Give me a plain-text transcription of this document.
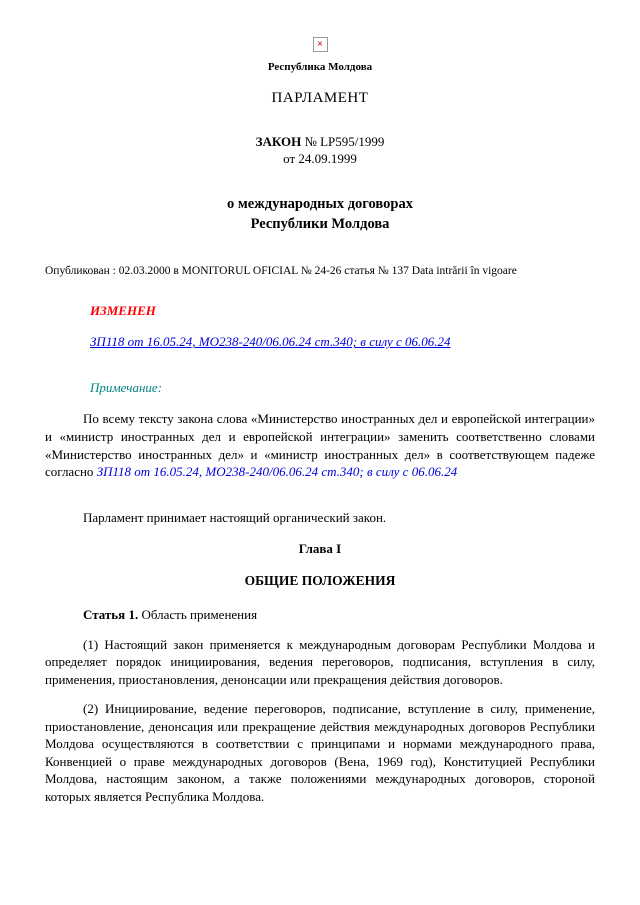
×
Республика Молдова
ПАРЛАМЕНТ
ЗАКОН № LP595/1999
от 24.09.1999
о международных договорах
Республики Молдова
Опубликован : 02.03.2000 в MONITORUL OFICIAL № 24-26 статья № 137 Data intrării în vigoare
ИЗМЕНЕН
ЗП118 от 16.05.24, MO238-240/06.06.24 ст.340; в силу с 06.06.24
Примечание:

По всему тексту закона слова «Министерство иностранных дел и европейской интеграции» и «министр иностранных дел и европейской интеграции» заменить соответственно словами «Министерство иностранных дел» и «министр иностранных дел» в соответствующем падеже согласно ЗП118 от 16.05.24, MO238-240/06.06.24 ст.340; в силу с 06.06.24

Парламент принимает настоящий органический закон.

Глава I
ОБЩИЕ ПОЛОЖЕНИЯ
Статья 1. Область применения

(1) Настоящий закон применяется к международным договорам Республики Молдова и определяет порядок инициирования, ведения переговоров, подписания, вступления в силу, применения, приостановления, денонсации или прекращения действия договоров.

(2) Инициирование, ведение переговоров, подписание, вступление в силу, применение, приостановление, денонсация или прекращение действия международных договоров Республики Молдова осуществляются в соответствии с принципами и нормами международного права, Конвенцией о праве международных договоров (Вена, 1969 год), Конституцией Республики Молдова, настоящим законом, а также положениями международных договоров, стороной которых является Республика Молдова.
